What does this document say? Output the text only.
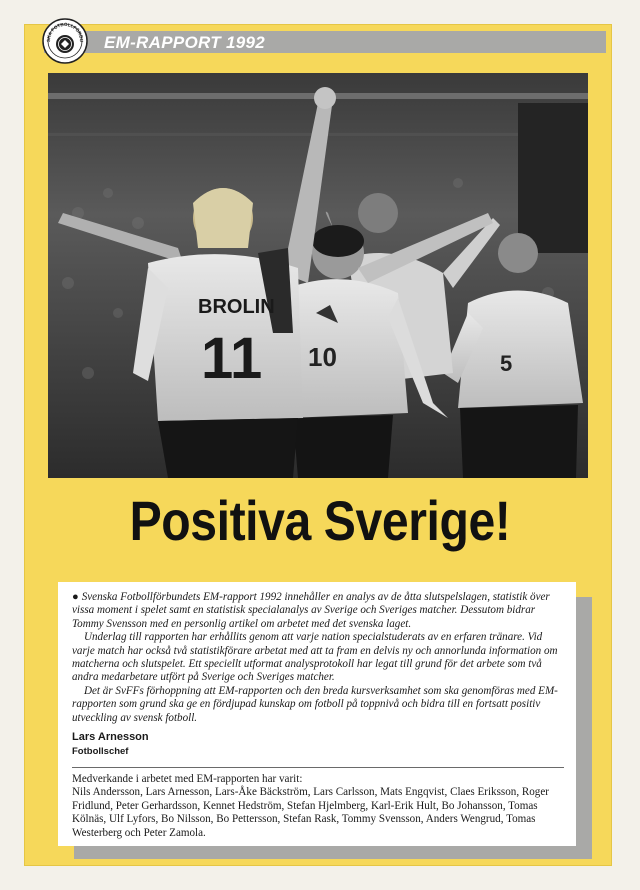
SKA FOTBOLLFÖRBU EM-RAPPORT 1992
5
10
BROLIN
11
Positiva Sverige!

● Svenska Fotbollförbundets EM-rapport 1992 innehåller en analys av de åtta slutspelslagen, statistik över vissa moment i spelet samt en statistisk specialanalys av Sverige och Sveriges matcher. Dessutom bidrar Tommy Svensson med en personlig artikel om arbetet med det svenska laget.

Underlag till rapporten har erhållits genom att varje nation specialstuderats av en erfaren tränare. Vid varje match har också två statistikförare arbetat med att ta fram en delvis ny och annorlunda information om matcherna och slutspelet. Ett speciellt utformat analysprotokoll har legat till grund för det arbete som två andra medarbetare utfört på Sverige och Sveriges matcher.

Det är SvFFs förhoppning att EM-rapporten och den breda kursverksamhet som ska genomföras med EM-rapporten som grund ska ge en fördjupad kunskap om fotboll på toppnivå och bidra till en fortsatt positiv utveckling av svensk fotboll.

Lars Arnesson
Fotbollschef

Medverkande i arbetet med EM-rapporten har varit:

Nils Andersson, Lars Arnesson, Lars-Åke Bäckström, Lars Carlsson, Mats Engqvist, Claes Eriksson, Roger Fridlund, Peter Gerhardsson, Kennet Hedström, Stefan Hjelmberg, Karl-Erik Hult, Bo Johansson, Tomas Kölnäs, Ulf Lyfors, Bo Nilsson, Bo Pettersson, Stefan Rask, Tommy Svensson, Anders Wengrud, Tomas Westerberg och Peter Zamola.
